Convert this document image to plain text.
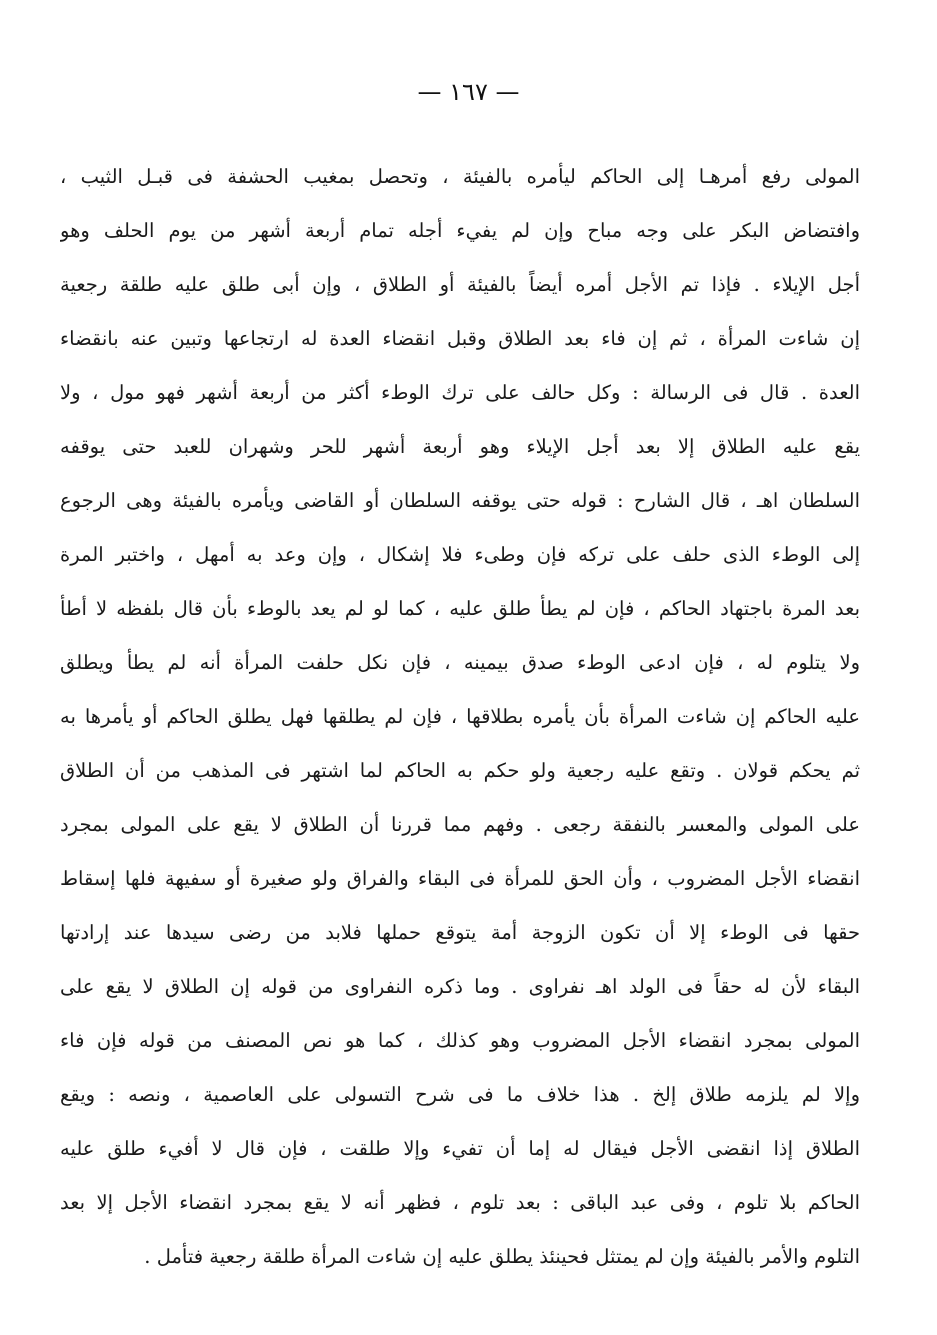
— ١٦٧ —
المولى رفع أمرهـا إلى الحاكم ليأمره بالفيئة ، وتحصل بمغيب الحشفة فى قبـل الثيب ،
وافتضاض البكر على وجه مباح وإن لم يفيء أجله تمام أربعة أشهر من يوم الحلف وهو
أجل الإيلاء . فإذا تم الأجل أمره أيضاً بالفيئة أو الطلاق ، وإن أبى طلق عليه طلقة رجعية
إن شاءت المرأة ، ثم إن فاء بعد الطلاق وقبل انقضاء العدة له ارتجاعها وتبين عنه بانقضاء
العدة . قال فى الرسالة : وكل حالف على ترك الوطء أكثر من أربعة أشهر فهو مول ، ولا
يقع عليه الطلاق إلا بعد أجل الإيلاء وهو أربعة أشهر للحر وشهران للعبد حتى يوقفه
السلطان اهـ ، قال الشارح : قوله حتى يوقفه السلطان أو القاضى ويأمره بالفيئة وهى الرجوع
إلى الوطء الذى حلف على تركه فإن وطىء فلا إشكال ، وإن وعد به أمهل ، واختبر المرة
بعد المرة باجتهاد الحاكم ، فإن لم يطأ طلق عليه ، كما لو لم يعد بالوطء بأن قال بلفظه لا أطأ
ولا يتلوم له ، فإن ادعى الوطء صدق بيمينه ، فإن نكل حلفت المرأة أنه لم يطأ ويطلق
عليه الحاكم إن شاءت المرأة بأن يأمره بطلاقها ، فإن لم يطلقها فهل يطلق الحاكم أو يأمرها به
ثم يحكم قولان . وتقع عليه رجعية ولو حكم به الحاكم لما اشتهر فى المذهب من أن الطلاق
على المولى والمعسر بالنفقة رجعى . وفهم مما قررنا أن الطلاق لا يقع على المولى بمجرد
انقضاء الأجل المضروب ، وأن الحق للمرأة فى البقاء والفراق ولو صغيرة أو سفيهة فلها إسقاط
حقها فى الوطء إلا أن تكون الزوجة أمة يتوقع حملها فلابد من رضى سيدها عند إرادتها
البقاء لأن له حقاً فى الولد اهـ نفراوى . وما ذكره النفراوى من قوله إن الطلاق لا يقع على
المولى بمجرد انقضاء الأجل المضروب وهو كذلك ، كما هو نص المصنف من قوله فإن فاء
وإلا لم يلزمه طلاق إلخ . هذا خلاف ما فى شرح التسولى على العاصمية ، ونصه : ويقع
الطلاق إذا انقضى الأجل فيقال له إما أن تفيء وإلا طلقت ، فإن قال لا أفيء طلق عليه
الحاكم بلا تلوم ، وفى عبد الباقى : بعد تلوم ، فظهر أنه لا يقع بمجرد انقضاء الأجل إلا بعد
التلوم والأمر بالفيئة وإن لم يمتثل فحينئذ يطلق عليه إن شاءت المرأة طلقة رجعية فتأمل .
